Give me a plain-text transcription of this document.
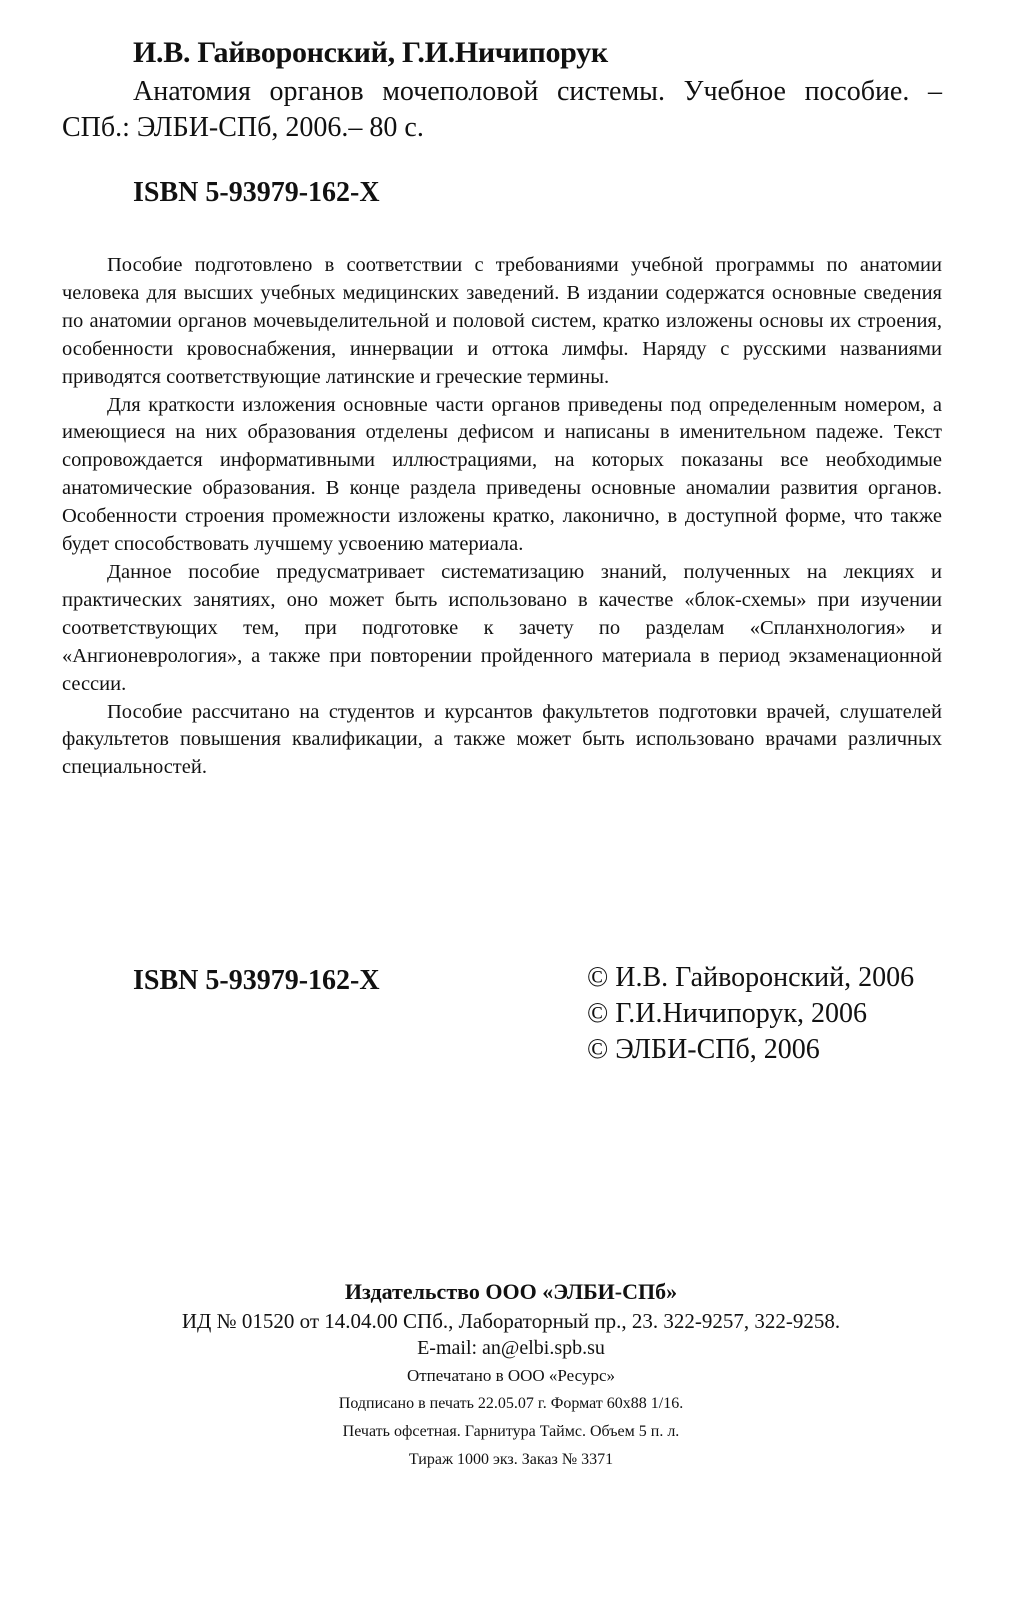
И.В. Гайворонский, Г.И.Ничипорук
Анатомия органов мочеполовой системы. Учебное пособие. – СПб.: ЭЛБИ-СПб, 2006.– 80 с.
ISBN 5-93979-162-X

Пособие подготовлено в соответствии с требованиями учебной программы по анатомии человека для высших учебных медицинских заведений. В издании содержатся основные сведения по анатомии органов мочевыделительной и половой систем, кратко изложены основы их строения, особенности кровоснабжения, иннервации и оттока лимфы. Наряду с русскими названиями приводятся соответствующие латинские и греческие термины.

Для краткости изложения основные части органов приведены под определенным номером, а имеющиеся на них образования отделены дефисом и написаны в именительном падеже. Текст сопровождается информативными иллюстрациями, на которых показаны все необходимые анатомические образования. В конце раздела приведены основные аномалии развития органов. Особенности строения промежности изложены кратко, лаконично, в доступной форме, что также будет способствовать лучшему усвоению материала.

Данное пособие предусматривает систематизацию знаний, полученных на лекциях и практических занятиях, оно может быть использовано в качестве «блок-схемы» при изучении соответствующих тем, при подготовке к зачету по разделам «Спланхнология» и «Ангионеврология», а также при повторении пройденного материала в период экзаменационной сессии.

Пособие рассчитано на студентов и курсантов факультетов подготовки врачей, слушателей факультетов повышения квалификации, а также может быть использовано врачами различных специальностей.

ISBN 5-93979-162-X	© И.В. Гайворонский, 2006
© Г.И.Ничипорук, 2006
© ЭЛБИ-СПб, 2006
Издательство ООО «ЭЛБИ-СПб»
ИД № 01520 от 14.04.00 СПб., Лабораторный пр., 23. 322-9257, 322-9258.
E-mail: an@elbi.spb.su
Отпечатано в ООО «Ресурс»
Подписано в печать 22.05.07 г. Формат 60x88 1/16.
Печать офсетная. Гарнитура Таймс. Объем 5 п. л.
Тираж 1000 экз. Заказ № 3371
